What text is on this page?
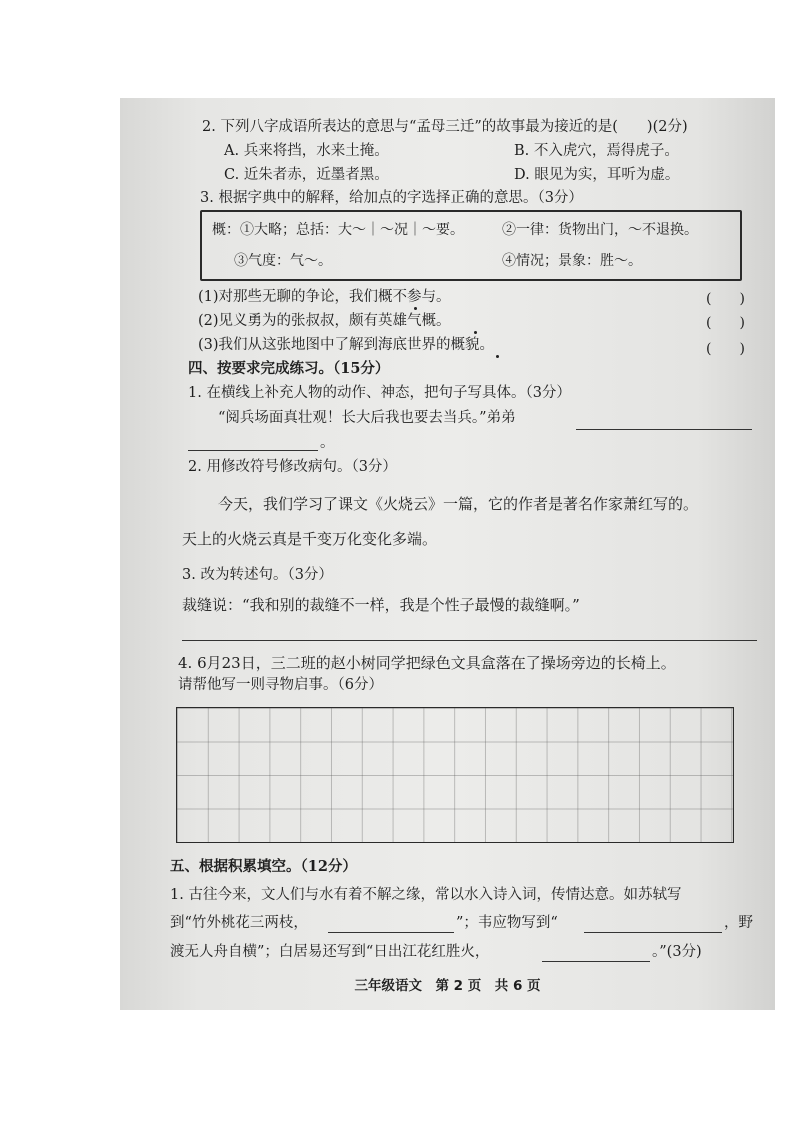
2. 下列八字成语所表达的意思与“孟母三迁”的故事最为接近的是(　　)(2分)
A. 兵来将挡，水来土掩。	B. 不入虎穴，焉得虎子。
C. 近朱者赤，近墨者黑。	D. 眼见为实，耳听为虚。
3. 根据字典中的解释，给加点的字选择正确的意思。（3分）
概：①大略；总括：大～｜～况｜～要。	②一律：货物出门，～不退换。
③气度：气～。	④情况；景象：胜～。
(1)对那些无聊的争论，我们概不参与。	(　　)
(2)见义勇为的张叔叔，颇有英雄气概。	(　　)
(3)我们从这张地图中了解到海底世界的概貌。	(　　)
四、按要求完成练习。（15分）
1. 在横线上补充人物的动作、神态，把句子写具体。（3分）
“阅兵场面真壮观！长大后我也要去当兵。”弟弟
。
2. 用修改符号修改病句。（3分）
今天，我们学习了课文《火烧云》一篇，它的作者是著名作家萧红写的。
天上的火烧云真是千变万化变化多端。
3. 改为转述句。（3分）
裁缝说：“我和别的裁缝不一样，我是个性子最慢的裁缝啊。”
4. 6月23日，三二班的赵小树同学把绿色文具盒落在了操场旁边的长椅上。
请帮他写一则寻物启事。（6分）
五、根据积累填空。（12分）
1. 古往今来，文人们与水有着不解之缘，常以水入诗入词，传情达意。如苏轼写
到“竹外桃花三两枝，	”；韦应物写到“	，野
渡无人舟自横”；白居易还写到“日出江花红胜火，	。”(3分)
三年级语文　第 2 页　共 6 页
